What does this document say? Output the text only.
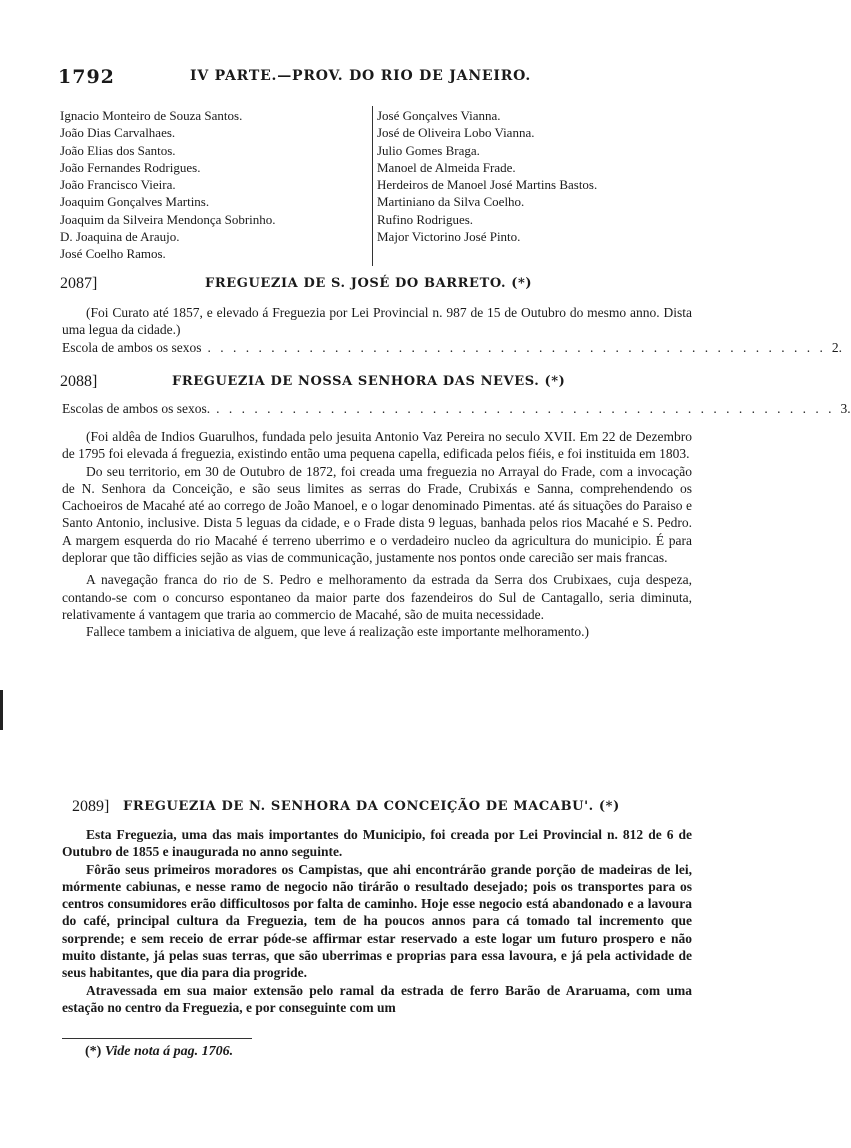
1792	IV PARTE.—PROV. DO RIO DE JANEIRO.
Ignacio Monteiro de Souza Santos.
João Dias Carvalhaes.
João Elias dos Santos.
João Fernandes Rodrigues.
João Francisco Vieira.
Joaquim Gonçalves Martins.
Joaquim da Silveira Mendonça Sobrinho.
D. Joaquina de Araujo.
José Coelho Ramos.
José Gonçalves Vianna.
José de Oliveira Lobo Vianna.
Julio Gomes Braga.
Manoel de Almeida Frade.
Herdeiros de Manoel José Martins Bastos.
Martiniano da Silva Coelho.
Rufino Rodrigues.
Major Victorino José Pinto.
2087]	FREGUEZIA DE S. JOSÉ DO BARRETO. (*)

(Foi Curato até 1857, e elevado á Freguezia por Lei Provincial n. 987 de 15 de Outubro do mesmo anno. Dista uma legua da cidade.)

Escola de ambos os sexos . . . . . . . . . . . . . . . . . . . . . . . . . . . . . . . . . . . . . . . . . . . . . . . . . 2.
2088]	FREGUEZIA DE NOSSA SENHORA DAS NEVES. (*)
Escolas de ambos os sexos. . . . . . . . . . . . . . . . . . . . . . . . . . . . . . . . . . . . . . . . . . . . . . . . . . 3.

(Foi aldêa de Indios Guarulhos, fundada pelo jesuita Antonio Vaz Pereira no seculo XVII. Em 22 de Dezembro de 1795 foi elevada á freguezia, existindo então uma pequena capella, edificada pelos fiéis, e foi instituida em 1803.

Do seu territorio, em 30 de Outubro de 1872, foi creada uma freguezia no Arrayal do Frade, com a invocação de N. Senhora da Conceição, e são seus limites as serras do Frade, Crubixás e Sanna, comprehendendo os Cachoeiros de Macahé até ao corrego de João Manoel, e o logar denominado Pimentas. até ás situações do Paraiso e Santo Antonio, inclusive. Dista 5 leguas da cidade, e o Frade dista 9 leguas, banhada pelos rios Macahé e S. Pedro. A margem esquerda do rio Macahé é terreno uberrimo e o verdadeiro nucleo da agricultura do municipio. É para deplorar que tão difficies sejão as vias de communicação, justamente nos pontos onde carecião ser mais francas.

A navegação franca do rio de S. Pedro e melhoramento da estrada da Serra dos Crubixaes, cuja despeza, contando-se com o concurso espontaneo da maior parte dos fazendeiros do Sul de Cantagallo, seria diminuta, relativamente á vantagem que traria ao commercio de Macahé, são de muita necessidade.

Fallece tambem a iniciativa de alguem, que leve á realização este importante melhoramento.)

2089] FREGUEZIA DE N. SENHORA DA CONCEIÇÃO DE MACABU'. (*)

Esta Freguezia, uma das mais importantes do Municipio, foi creada por Lei Provincial n. 812 de 6 de Outubro de 1855 e inaugurada no anno seguinte.

Fôrão seus primeiros moradores os Campistas, que ahi encontrárão grande porção de madeiras de lei, mórmente cabiunas, e nesse ramo de negocio não tirárão o resultado desejado; pois os transportes para os centros consumidores erão difficultosos por falta de caminho. Hoje esse negocio está abandonado e a lavoura do café, principal cultura da Freguezia, tem de ha poucos annos para cá tomado tal incremento que sorprende; e sem receio de errar póde-se affirmar estar reservado a este logar um futuro prospero e não muito distante, já pelas suas terras, que são uberrimas e proprias para essa lavoura, e já pela actividade de seus habitantes, que dia para dia progride.

Atravessada em sua maior extensão pelo ramal da estrada de ferro Barão de Araruama, com uma estação no centro da Freguezia, e por conseguinte com um

(*) Vide nota á pag. 1706.
